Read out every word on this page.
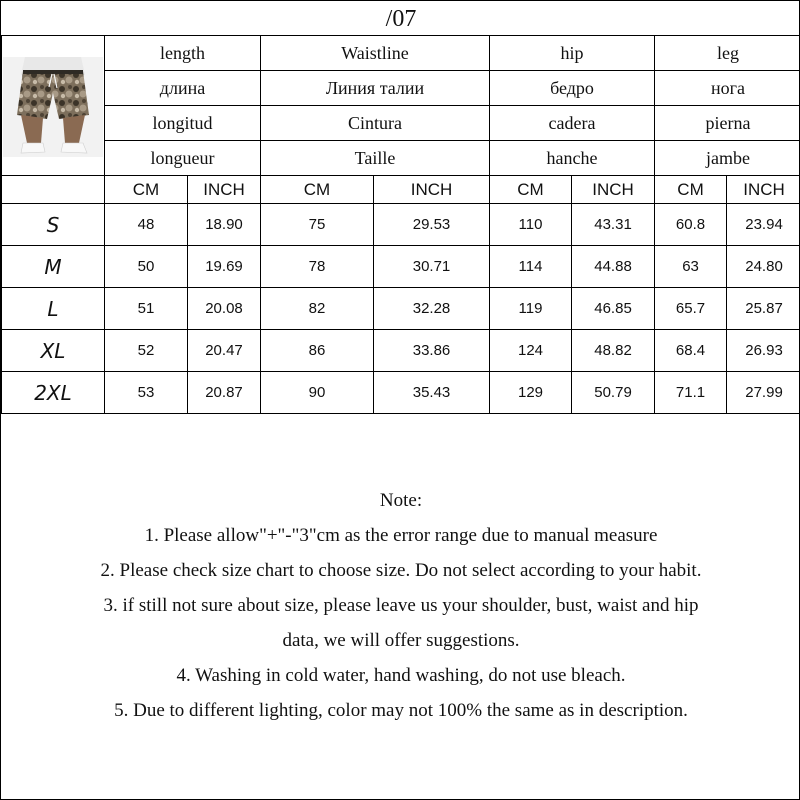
/07
	length		Waistline		hip		leg	
	длина		Линия талии		бедро		нога	
	longitud		Cintura		cadera		pierna	
	longueur		Taille		hanche		jambe	
	CM	INCH	CM	INCH	CM	INCH	CM	INCH
S	48	18.90	75	29.53	110	43.31	60.8	23.94
M	50	19.69	78	30.71	114	44.88	63	24.80
L	51	20.08	82	32.28	119	46.85	65.7	25.87
XL	52	20.47	86	33.86	124	48.82	68.4	26.93
2XL	53	20.87	90	35.43	129	50.79	71.1	27.99
Note:
1. Please allow"+"-"3"cm as the error range due to manual measure
2. Please check size chart to choose size. Do not select according to your habit.
3. if still not sure about size, please leave us your shoulder, bust, waist and hip
data, we will offer suggestions.
4. Washing in cold water, hand washing, do not use bleach.
5. Due to different lighting, color may not 100% the same as in description.
